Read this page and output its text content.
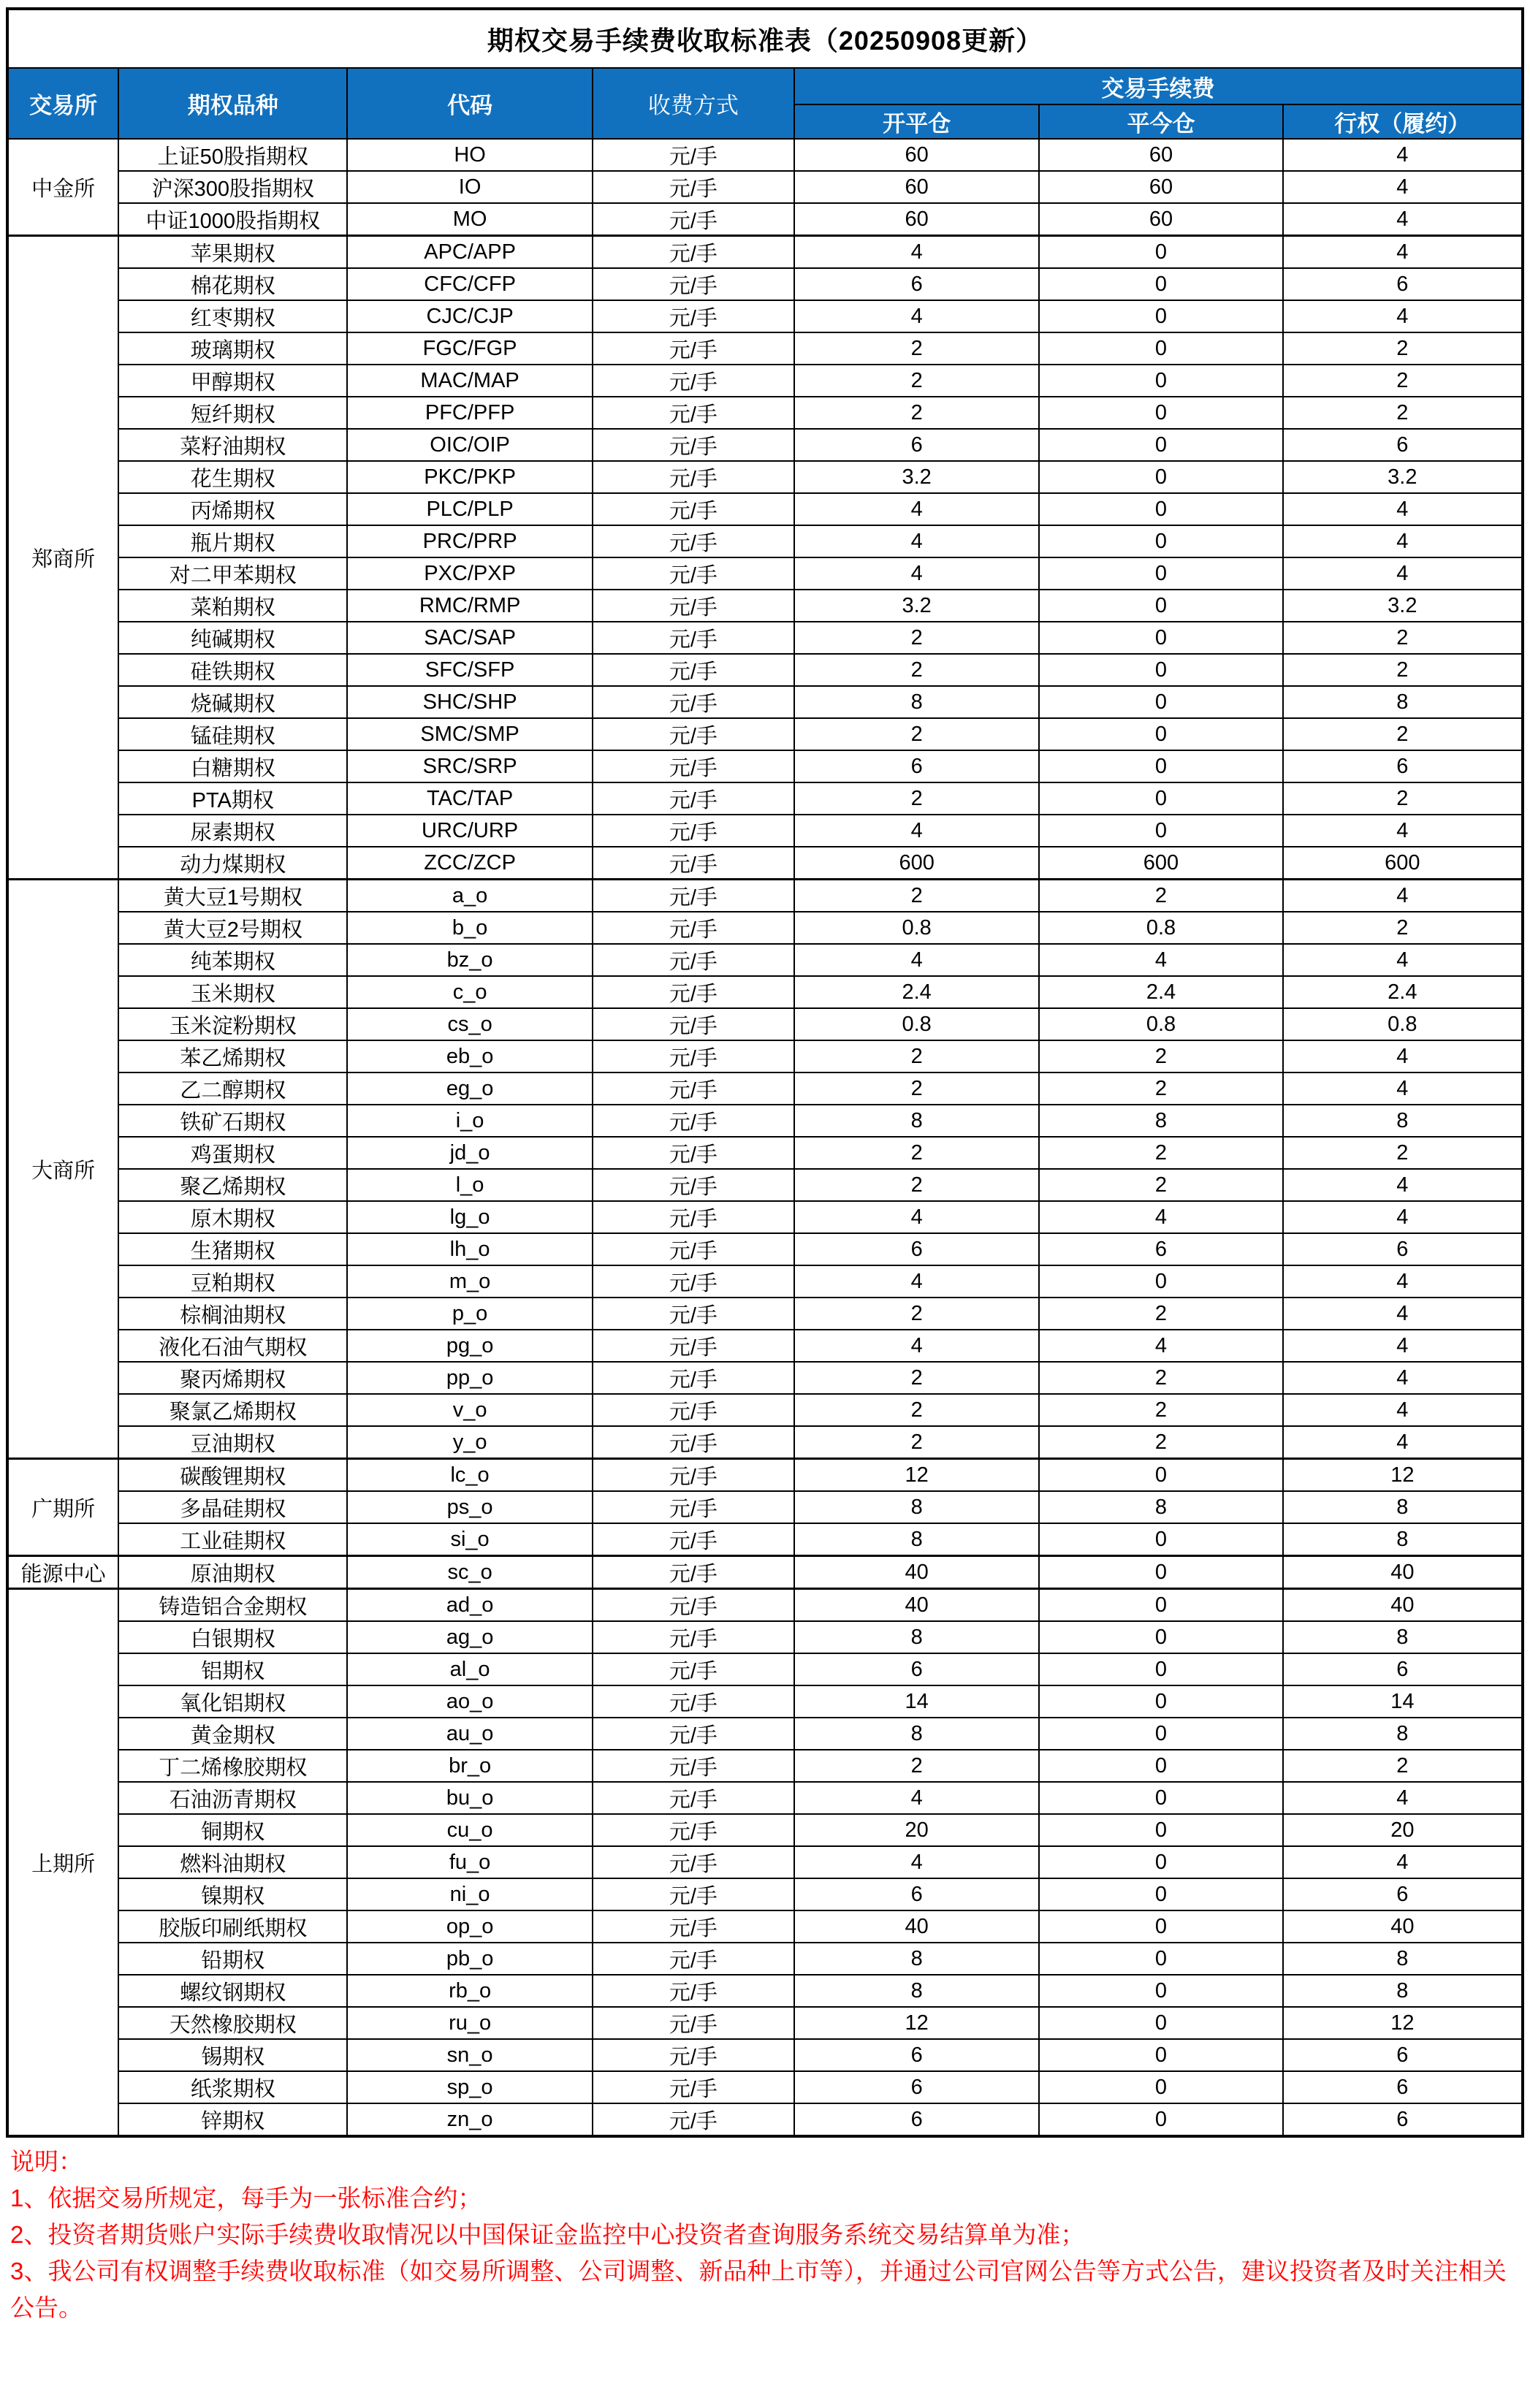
期权交易手续费收取标准表（20250908更新）						
交易所	期权品种	代码	收费方式	交易手续费		
				开平仓	平今仓	行权（履约）
中金所	上证50股指期权	HO	元/手	60	60	4
	沪深300股指期权	IO	元/手	60	60	4
	中证1000股指期权	MO	元/手	60	60	4
郑商所	苹果期权	APC/APP	元/手	4	0	4
	棉花期权	CFC/CFP	元/手	6	0	6
	红枣期权	CJC/CJP	元/手	4	0	4
	玻璃期权	FGC/FGP	元/手	2	0	2
	甲醇期权	MAC/MAP	元/手	2	0	2
	短纤期权	PFC/PFP	元/手	2	0	2
	菜籽油期权	OIC/OIP	元/手	6	0	6
	花生期权	PKC/PKP	元/手	3.2	0	3.2
	丙烯期权	PLC/PLP	元/手	4	0	4
	瓶片期权	PRC/PRP	元/手	4	0	4
	对二甲苯期权	PXC/PXP	元/手	4	0	4
	菜粕期权	RMC/RMP	元/手	3.2	0	3.2
	纯碱期权	SAC/SAP	元/手	2	0	2
	硅铁期权	SFC/SFP	元/手	2	0	2
	烧碱期权	SHC/SHP	元/手	8	0	8
	锰硅期权	SMC/SMP	元/手	2	0	2
	白糖期权	SRC/SRP	元/手	6	0	6
	PTA期权	TAC/TAP	元/手	2	0	2
	尿素期权	URC/URP	元/手	4	0	4
	动力煤期权	ZCC/ZCP	元/手	600	600	600
大商所	黄大豆1号期权	a_o	元/手	2	2	4
	黄大豆2号期权	b_o	元/手	0.8	0.8	2
	纯苯期权	bz_o	元/手	4	4	4
	玉米期权	c_o	元/手	2.4	2.4	2.4
	玉米淀粉期权	cs_o	元/手	0.8	0.8	0.8
	苯乙烯期权	eb_o	元/手	2	2	4
	乙二醇期权	eg_o	元/手	2	2	4
	铁矿石期权	i_o	元/手	8	8	8
	鸡蛋期权	jd_o	元/手	2	2	2
	聚乙烯期权	l_o	元/手	2	2	4
	原木期权	lg_o	元/手	4	4	4
	生猪期权	lh_o	元/手	6	6	6
	豆粕期权	m_o	元/手	4	0	4
	棕榈油期权	p_o	元/手	2	2	4
	液化石油气期权	pg_o	元/手	4	4	4
	聚丙烯期权	pp_o	元/手	2	2	4
	聚氯乙烯期权	v_o	元/手	2	2	4
	豆油期权	y_o	元/手	2	2	4
广期所	碳酸锂期权	lc_o	元/手	12	0	12
	多晶硅期权	ps_o	元/手	8	8	8
	工业硅期权	si_o	元/手	8	0	8
能源中心	原油期权	sc_o	元/手	40	0	40
上期所	铸造铝合金期权	ad_o	元/手	40	0	40
	白银期权	ag_o	元/手	8	0	8
	铝期权	al_o	元/手	6	0	6
	氧化铝期权	ao_o	元/手	14	0	14
	黄金期权	au_o	元/手	8	0	8
	丁二烯橡胶期权	br_o	元/手	2	0	2
	石油沥青期权	bu_o	元/手	4	0	4
	铜期权	cu_o	元/手	20	0	20
	燃料油期权	fu_o	元/手	4	0	4
	镍期权	ni_o	元/手	6	0	6
	胶版印刷纸期权	op_o	元/手	40	0	40
	铅期权	pb_o	元/手	8	0	8
	螺纹钢期权	rb_o	元/手	8	0	8
	天然橡胶期权	ru_o	元/手	12	0	12
	锡期权	sn_o	元/手	6	0	6
	纸浆期权	sp_o	元/手	6	0	6
	锌期权	zn_o	元/手	6	0	6

说明：

1、依据交易所规定，每手为一张标准合约；

2、投资者期货账户实际手续费收取情况以中国保证金监控中心投资者查询服务系统交易结算单为准；

3、我公司有权调整手续费收取标准（如交易所调整、公司调整、新品种上市等），并通过公司官网公告等方式公告，建议投资者及时关注相关公告。
